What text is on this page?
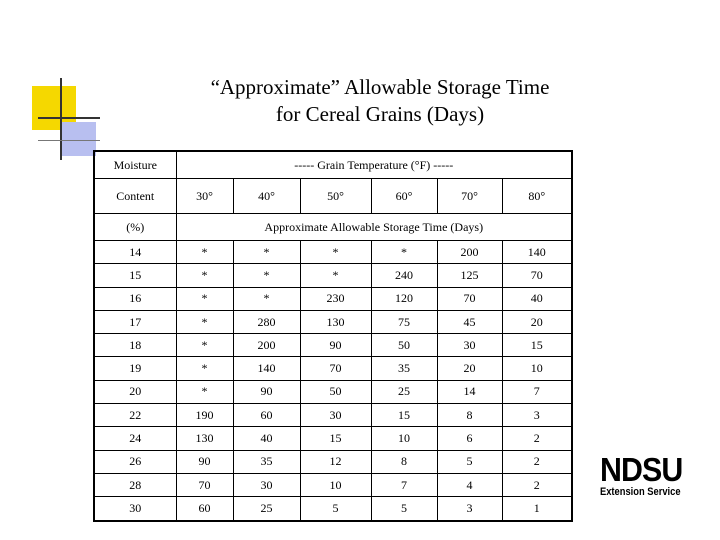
“Approximate” Allowable Storage Time
for Cereal Grains (Days)
Moisture	----- Grain Temperature (°F) -----					
Content	30°	40°	50°	60°	70°	80°
(%)	Approximate Allowable Storage Time (Days)					
14	*	*	*	*	200	140
15	*	*	*	240	125	70
16	*	*	230	120	70	40
17	*	280	130	75	45	20
18	*	200	90	50	30	15
19	*	140	70	35	20	10
20	*	90	50	25	14	7
22	190	60	30	15	8	3
24	130	40	15	10	6	2
26	90	35	12	8	5	2
28	70	30	10	7	4	2
30	60	25	5	5	3	1
NDSU
Extension Service
